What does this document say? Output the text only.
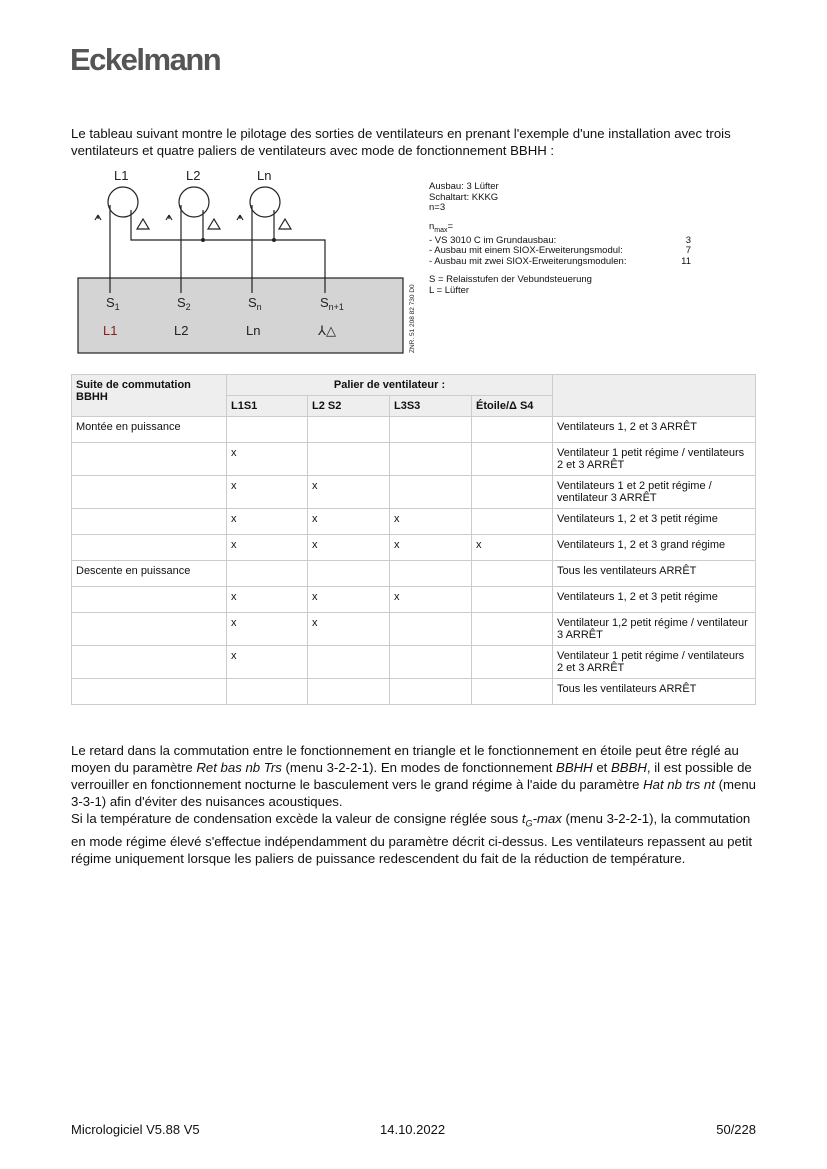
Eckelmann
Le tableau suivant montre le pilotage des sorties de ventilateurs en prenant l'exemple d'une installation avec trois ventilateurs et quatre paliers de ventilateurs avec mode de fonctionnement BBHH :
L1	L2	Ln
$S_1$	$S_2$	$S_n$	$S_{n+1}$
L1	L2	Ln	⅄△	ZNR. 51 208 82 730 D0
Ausbau: 3 Lüfter
Schaltart: KKKG
n=3
$n_{max}=$
- VS 3010 C im Grundausbau:	3
- Ausbau mit einem SIOX-Erweiterungsmodul:	7
- Ausbau mit zwei SIOX-Erweiterungsmodulen:	11
S = Relaisstufen der Vebundsteuerung
L = Lüfter
Suite de commutation BBHH	Palier de ventilateur :				
	L1S1	L2 S2	L3S3	Étoile/Δ S4	
Montée en puissance					Ventilateurs 1, 2 et 3 ARRÊT
	x				Ventilateur 1 petit régime / ventilateurs 2 et 3 ARRÊT
	x	x			Ventilateurs 1 et 2 petit régime / ventilateur 3 ARRÊT
	x	x	x		Ventilateurs 1, 2 et 3 petit régime
	x	x	x	x	Ventilateurs 1, 2 et 3 grand régime
Descente en puissance					Tous les ventilateurs ARRÊT
	x	x	x		Ventilateurs 1, 2 et 3 petit régime
	x	x			Ventilateur 1,2 petit régime / ventilateur 3 ARRÊT
	x				Ventilateur 1 petit régime / ventilateurs 2 et 3 ARRÊT
					Tous les ventilateurs ARRÊT
Le retard dans la commutation entre le fonctionnement en triangle et le fonctionnement en étoile peut être réglé au moyen du paramètre Ret bas nb Trs (menu 3-2-2-1). En modes de fonctionnement BBHH et BBBH, il est possible de verrouiller en fonctionnement nocturne le basculement vers le grand régime à l'aide du paramètre Hat nb trs nt (menu 3-3-1) afin d'éviter des nuisances acoustiques.
Si la température de condensation excède la valeur de consigne réglée sous $t_G-\max$ (menu 3-2-2-1), la commutation en mode régime élevé s'effectue indépendamment du paramètre décrit ci-dessus. Les ventilateurs repassent au petit régime uniquement lorsque les paliers de puissance redescendent du fait de la réduction de température.
Micrologiciel V5.88 V5	14.10.2022	50/228
